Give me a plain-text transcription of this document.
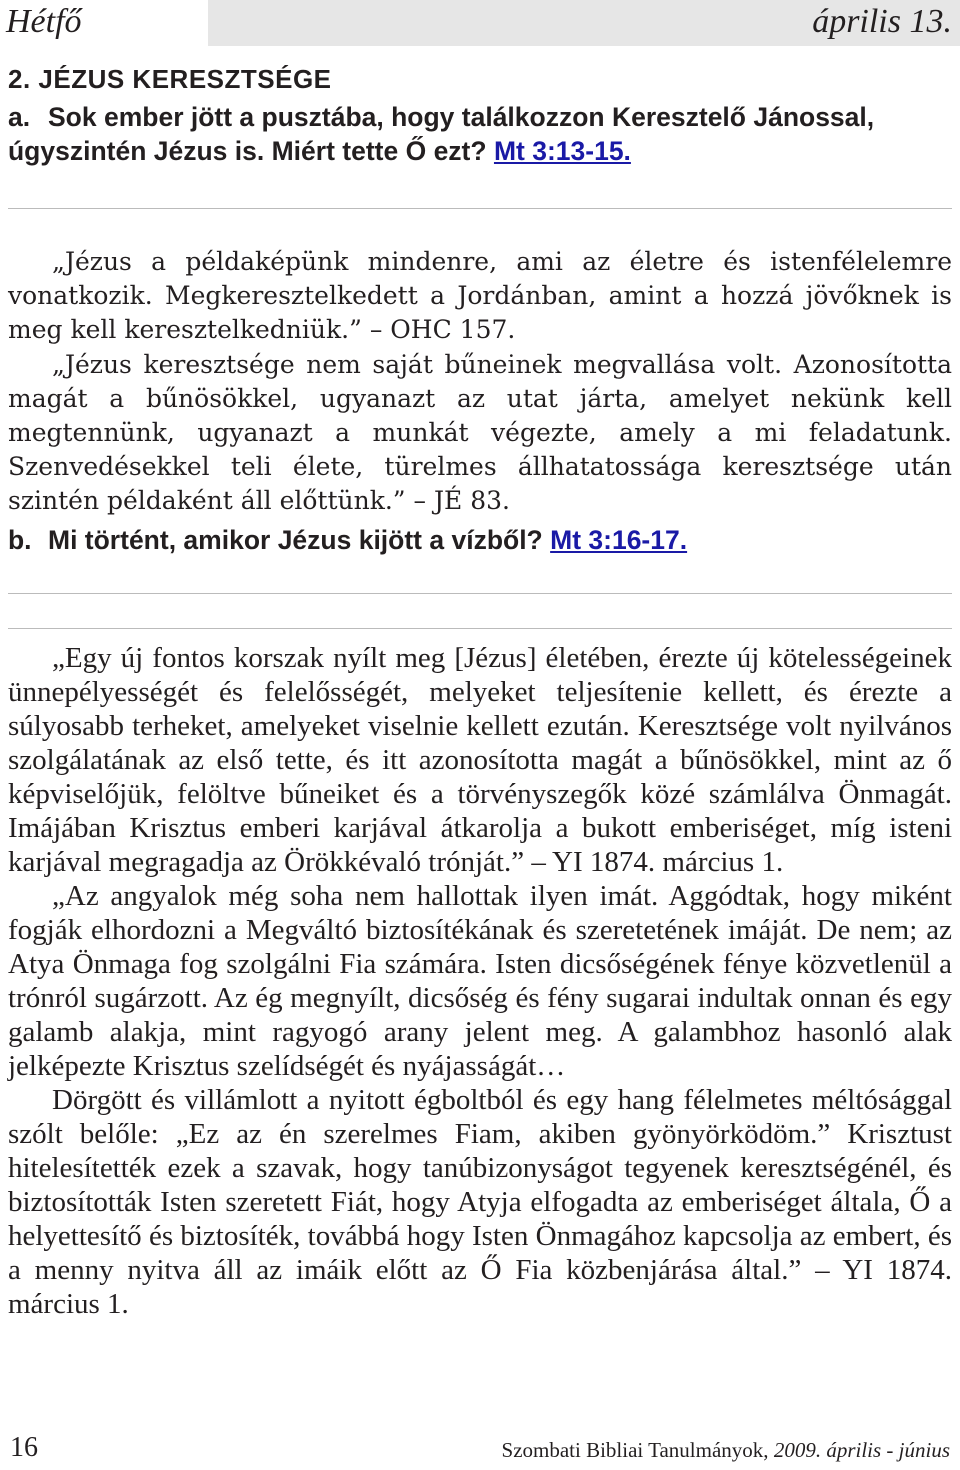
Hétfő	április 13.
2. JÉZUS KERESZTSÉGE

a. Sok ember jött a pusztába, hogy találkozzon Keresztelő Jánossal, úgyszintén Jézus is. Miért tette Ő ezt? Mt 3:13-15.

„Jézus a példaképünk mindenre, ami az életre és istenfélelemre vonatkozik. Megkeresztelkedett a Jordánban, amint a hozzá jövőknek is meg kell keresztelkedniük.” – OHC 157.

„Jézus keresztsége nem saját bűneinek megvallása volt. Azonosította magát a bűnösökkel, ugyanazt az utat járta, amelyet nekünk kell megtennünk, ugyanazt a munkát végezte, amely a mi feladatunk. Szenvedésekkel teli élete, türelmes állhatatossága keresztsége után szintén példaként áll előttünk.” – JÉ 83.

b. Mi történt, amikor Jézus kijött a vízből? Mt 3:16-17.

„Egy új fontos korszak nyílt meg [Jézus] életében, érezte új kötelességeinek ünnepélyességét és felelősségét, melyeket teljesítenie kellett, és érezte a súlyosabb terheket, amelyeket viselnie kellett ezután. Keresztsége volt nyilvános szolgálatának az első tette, és itt azonosította magát a bűnösökkel, mint az ő képviselőjük, felöltve bűneiket és a törvényszegők közé számlálva Önmagát. Imájában Krisztus emberi karjával átkarolja a bukott emberiséget, míg isteni karjával megragadja az Örökkévaló trónját.” – YI 1874. március 1.

„Az angyalok még soha nem hallottak ilyen imát. Aggódtak, hogy miként fogják elhordozni a Megváltó biztosítékának és szeretetének imáját. De nem; az Atya Önmaga fog szolgálni Fia számára. Isten dicsőségének fénye közvetlenül a trónról sugárzott. Az ég megnyílt, dicsőség és fény sugarai indultak onnan és egy galamb alakja, mint ragyogó arany jelent meg. A galambhoz hasonló alak jelképezte Krisztus szelídségét és nyájasságát…

Dörgött és villámlott a nyitott égboltból és egy hang félelmetes méltósággal szólt belőle: „Ez az én szerelmes Fiam, akiben gyönyörködöm.” Krisztust hitelesítették ezek a szavak, hogy tanúbizonyságot tegyenek keresztségénél, és biztosították Isten szeretett Fiát, hogy Atyja elfogadta az emberiséget általa, Ő a helyettesítő és biztosíték, továbbá hogy Isten Önmagához kapcsolja az embert, és a menny nyitva áll az imáik előtt az Ő Fia közbenjárása által.” – YI 1874. március 1.

16	Szombati Bibliai Tanulmányok, 2009. április - június
